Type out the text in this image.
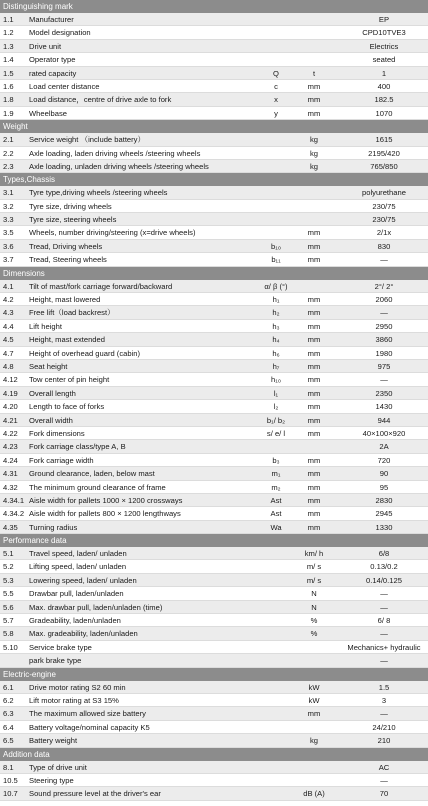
Distinguishing mark
1.1	Manufacturer	EP
1.2	Model designation	CPD10TVE3
1.3	Drive unit	Electrics
1.4	Operator type	seated
1.5	rated capacity	Q	t	1
1.6	Load center distance	c	mm	400
1.8	Load distance，centre of drive axle to fork	x	mm	182.5
1.9	Wheelbase	y	mm	1070
Weight
2.1	Service weight （include battery）	kg	1615
2.2	Axle loading, laden driving wheels /steering wheels	kg	2195/420
2.3	Axle loading, unladen driving wheels /steering wheels	kg	765/850
Types,Chassis
3.1	Tyre type,driving wheels /steering wheels	polyurethane
3.2	Tyre size, driving wheels	230/75
3.3	Tyre size, steering wheels	230/75
3.5	Wheels, number driving/steering (x=drive wheels)	mm	2/1x
3.6	Tread, Driving wheels	b₁₀	mm	830
3.7	Tread, Steering wheels	b₁₁	mm	—
Dimensions
4.1	Tilt of mast/fork carriage forward/backward	α/ β (°)	2°/ 2°
4.2	Height, mast lowered	h₁	mm	2060
4.3	Free lift（load backrest）	h₂	mm	—
4.4	Lift height	h₃	mm	2950
4.5	Height, mast extended	h₄	mm	3860
4.7	Height of overhead guard (cabin)	h₆	mm	1980
4.8	Seat height	h₇	mm	975
4.12	Tow center of pin height	h₁₀	mm	—
4.19	Overall length	l₁	mm	2350
4.20	Length to face of forks	l₂	mm	1430
4.21	Overall width	b₁/ b₂	mm	944
4.22	Fork dimensions	s/ e/ l	mm	40×100×920
4.23	Fork carriage class/type A, B	2A
4.24	Fork carriage width	b₃	mm	720
4.31	Ground clearance, laden, below mast	m₁	mm	90
4.32	The minimum ground clearance of frame	m₂	mm	95
4.34.1 Aisle width for pallets 1000 × 1200 crossways	Ast	mm	2830
4.34.2 Aisle width for pallets 800 × 1200 lengthways	Ast	mm	2945
4.35	Turning radius	Wa	mm	1330
Performance data
5.1	Travel speed, laden/ unladen	km/ h	6/8
5.2	Lifting speed, laden/ unladen	m/ s	0.13/0.2
5.3	Lowering speed, laden/ unladen	m/ s	0.14/0.125
5.5	Drawbar pull, laden/unladen	N	—
5.6	Max. drawbar pull, laden/unladen (time)	N	—
5.7	Gradeability, laden/unladen	%	6/ 8
5.8	Max. gradeability, laden/unladen	%	—
5.10	Service brake type	Mechanics+ hydraulic
park brake type	—
Electric-engine
6.1	Drive motor rating S2 60 min	kW	1.5
6.2	Lift motor rating at S3 15%	kW	3
6.3	The maximum allowed size battery	mm	—
6.4	Battery voltage/nominal capacity K5	24/210
6.5	Battery weight	kg	210
Addition data
8.1	Type of drive unit	AC
10.5	Steering type	—
10.7	Sound pressure level at the driver's ear	dB (A)	70
